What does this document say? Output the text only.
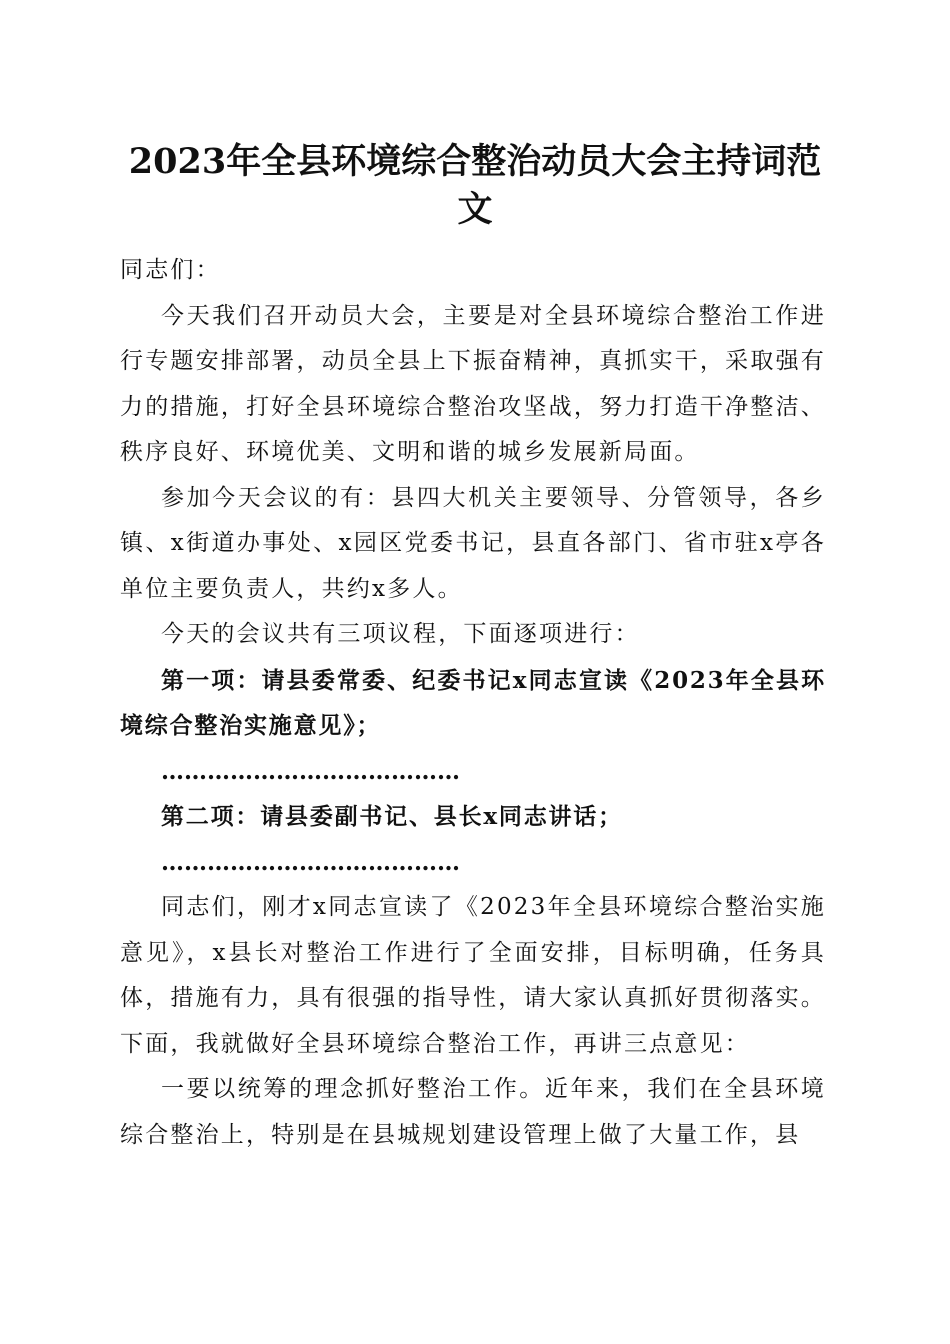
2023年全县环境综合整治动员大会主持词范文

同志们：

今天我们召开动员大会，主要是对全县环境综合整治工作进行专题安排部署，动员全县上下振奋精神，真抓实干，采取强有力的措施，打好全县环境综合整治攻坚战，努力打造干净整洁、秩序良好、环境优美、文明和谐的城乡发展新局面。

参加今天会议的有：县四大机关主要领导、分管领导，各乡镇、x街道办事处、x园区党委书记，县直各部门、省市驻x亭各单位主要负责人，共约x多人。

今天的会议共有三项议程，下面逐项进行：

第一项：请县委常委、纪委书记x同志宣读《2023年全县环境综合整治实施意见》；

…………………………………

第二项：请县委副书记、县长x同志讲话；

…………………………………

同志们，刚才x同志宣读了《2023年全县环境综合整治实施意见》，x县长对整治工作进行了全面安排，目标明确，任务具体，措施有力，具有很强的指导性，请大家认真抓好贯彻落实。下面，我就做好全县环境综合整治工作，再讲三点意见：

一要以统筹的理念抓好整治工作。近年来，我们在全县环境综合整治上，特别是在县城规划建设管理上做了大量工作，县
